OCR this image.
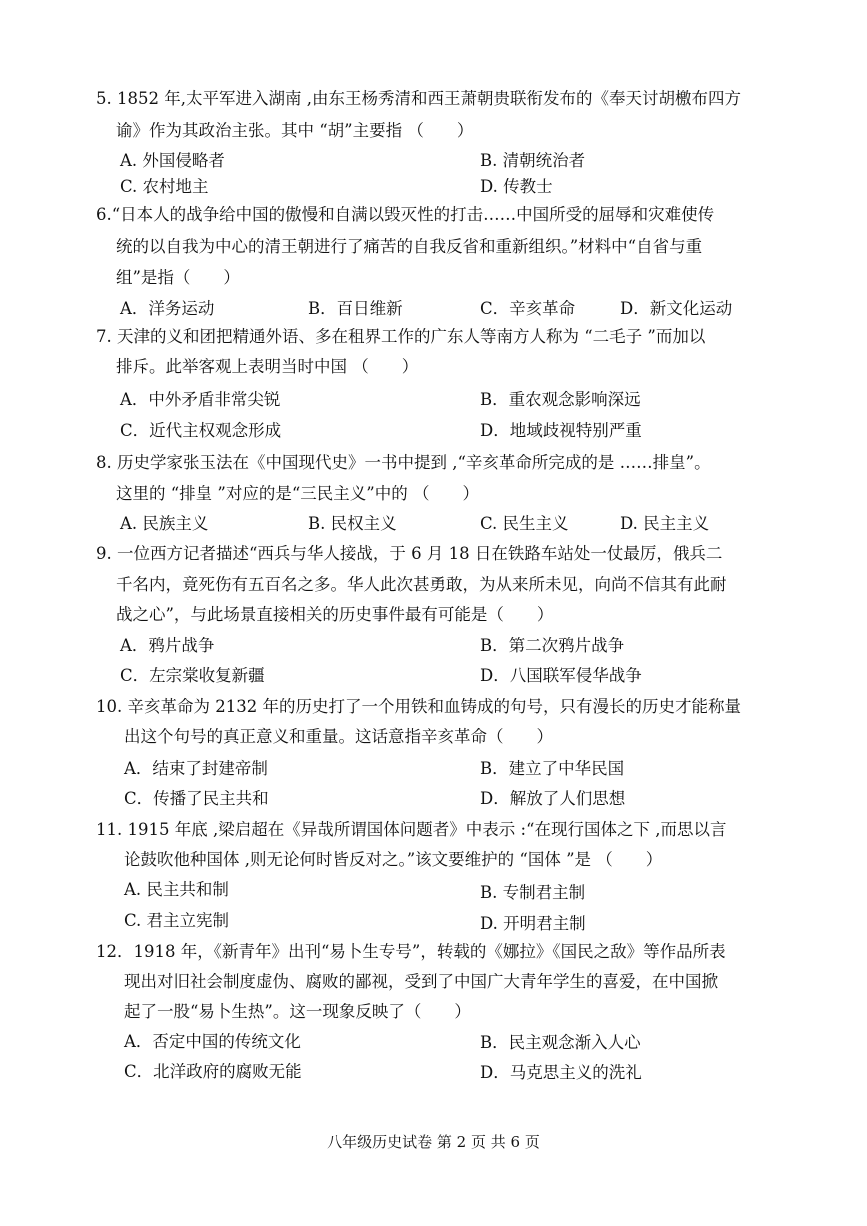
5. 1852 年,太平军进入湖南 ,由东王杨秀清和西王萧朝贵联衔发布的《奉天讨胡檄布四方
谕》作为其政治主张。其中 “胡”主要指 （　　）
A. 外国侵略者	B. 清朝统治者
C. 农村地主	D. 传教士
6.“日本人的战争给中国的傲慢和自满以毁灭性的打击……中国所受的屈辱和灾难使传
统的以自我为中心的清王朝进行了痛苦的自我反省和重新组织。”材料中“自省与重
组”是指（　　）
A．洋务运动	B．百日维新	C．辛亥革命	D．新文化运动
7. 天津的义和团把精通外语、多在租界工作的广东人等南方人称为 “二毛子 ”而加以
排斥。此举客观上表明当时中国 （　　）
A．中外矛盾非常尖锐	B．重农观念影响深远
C．近代主权观念形成	D．地域歧视特别严重
8. 历史学家张玉法在《中国现代史》一书中提到 ,“辛亥革命所完成的是 ……排皇”。
这里的 “排皇 ”对应的是“三民主义”中的 （　　）
A. 民族主义	B. 民权主义	C. 民生主义	D. 民主主义
9. 一位西方记者描述“西兵与华人接战，于 6 月 18 日在铁路车站处一仗最厉，俄兵二
千名内，竟死伤有五百名之多。华人此次甚勇敢，为从来所未见，向尚不信其有此耐
战之心”，与此场景直接相关的历史事件最有可能是（　　）
A．鸦片战争	B．第二次鸦片战争
C．左宗棠收复新疆	D．八国联军侵华战争
10. 辛亥革命为 2132 年的历史打了一个用铁和血铸成的句号，只有漫长的历史才能称量
出这个句号的真正意义和重量。这话意指辛亥革命（　　）
A．结束了封建帝制	B．建立了中华民国
C．传播了民主共和	D．解放了人们思想
11. 1915 年底 ,梁启超在《异哉所谓国体问题者》中表示 :“在现行国体之下 ,而思以言
论鼓吹他种国体 ,则无论何时皆反对之。”该文要维护的 “国体 ”是 （　　）
A. 民主共和制	B. 专制君主制
C. 君主立宪制	D. 开明君主制
12．1918 年，《新青年》出刊“易卜生专号”，转载的《娜拉》《国民之敌》等作品所表
现出对旧社会制度虚伪、腐败的鄙视，受到了中国广大青年学生的喜爱，在中国掀
起了一股“易卜生热”。这一现象反映了（　　）
A．否定中国的传统文化	B．民主观念渐入人心
C．北洋政府的腐败无能	D．马克思主义的洗礼
八年级历史试卷 第 2 页 共 6 页
